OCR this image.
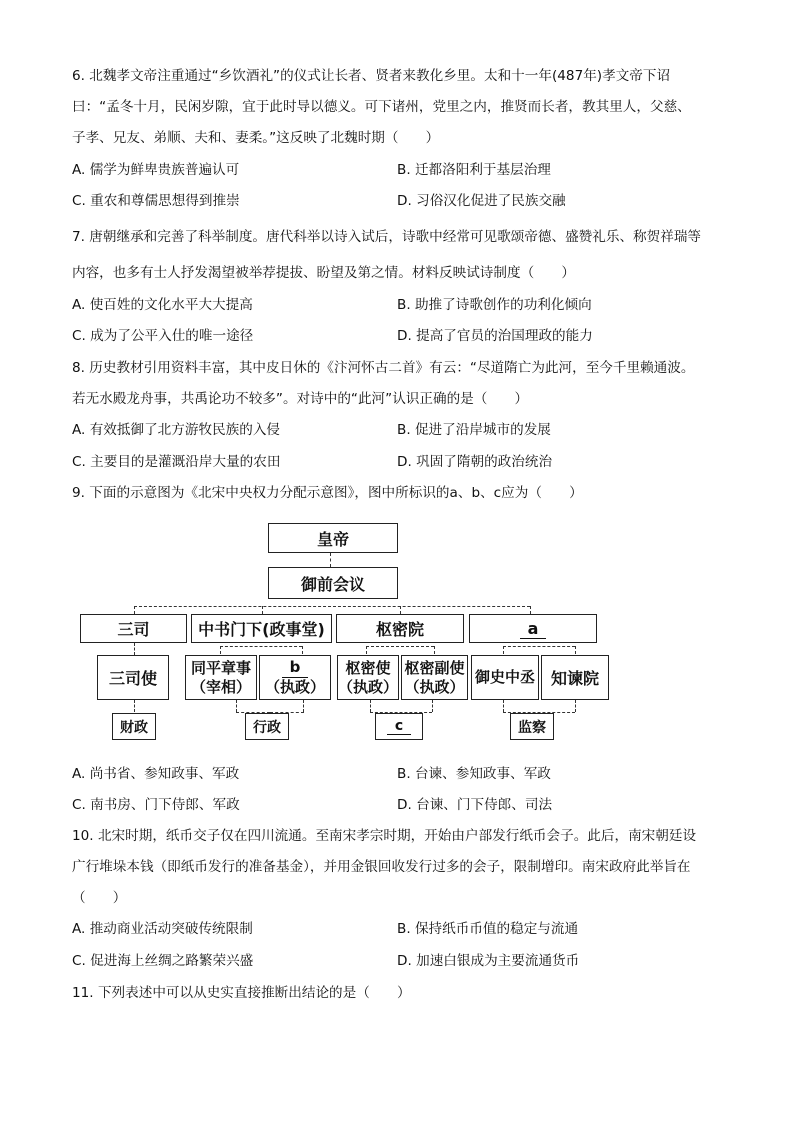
6. 北魏孝文帝注重通过“乡饮酒礼”的仪式让长者、贤者来教化乡里。太和十一年(487年)孝文帝下诏
曰：“孟冬十月，民闲岁隙，宜于此时导以德义。可下诸州，党里之内，推贤而长者，教其里人，父慈、
子孝、兄友、弟顺、夫和、妻柔。”这反映了北魏时期（　　）
A. 儒学为鲜卑贵族普遍认可	B. 迁都洛阳利于基层治理
C. 重农和尊儒思想得到推崇	D. 习俗汉化促进了民族交融
7. 唐朝继承和完善了科举制度。唐代科举以诗入试后，诗歌中经常可见歌颂帝德、盛赞礼乐、称贺祥瑞等
内容，也多有士人抒发渴望被举荐提拔、盼望及第之情。材料反映试诗制度（　　）
A. 使百姓的文化水平大大提高	B. 助推了诗歌创作的功利化倾向
C. 成为了公平入仕的唯一途径	D. 提高了官员的治国理政的能力
8. 历史教材引用资料丰富，其中皮日休的《汴河怀古二首》有云：“尽道隋亡为此河，至今千里赖通波。
若无水殿龙舟事，共禹论功不较多”。对诗中的“此河”认识正确的是（　　）
A. 有效抵御了北方游牧民族的入侵	B. 促进了沿岸城市的发展
C. 主要目的是灌溉沿岸大量的农田	D. 巩固了隋朝的政治统治
9. 下面的示意图为《北宋中央权力分配示意图》，图中所标识的a、b、c应为（　　）
皇帝
御前会议
三司	中书门下(政事堂)	枢密院	a
三司使
同平章事
（宰相）
b
（执政）
枢密使
（执政）
枢密副使
（执政）
御史中丞 知谏院
财政	行政	c	监察
A. 尚书省、参知政事、军政	B. 台谏、参知政事、军政
C. 南书房、门下侍郎、军政	D. 台谏、门下侍郎、司法
10. 北宋时期，纸币交子仅在四川流通。至南宋孝宗时期，开始由户部发行纸币会子。此后，南宋朝廷设
广行堆垛本钱（即纸币发行的准备基金），并用金银回收发行过多的会子，限制增印。南宋政府此举旨在
（　　）
A. 推动商业活动突破传统限制	B. 保持纸币币值的稳定与流通
C. 促进海上丝绸之路繁荣兴盛	D. 加速白银成为主要流通货币
11. 下列表述中可以从史实直接推断出结论的是（　　）
